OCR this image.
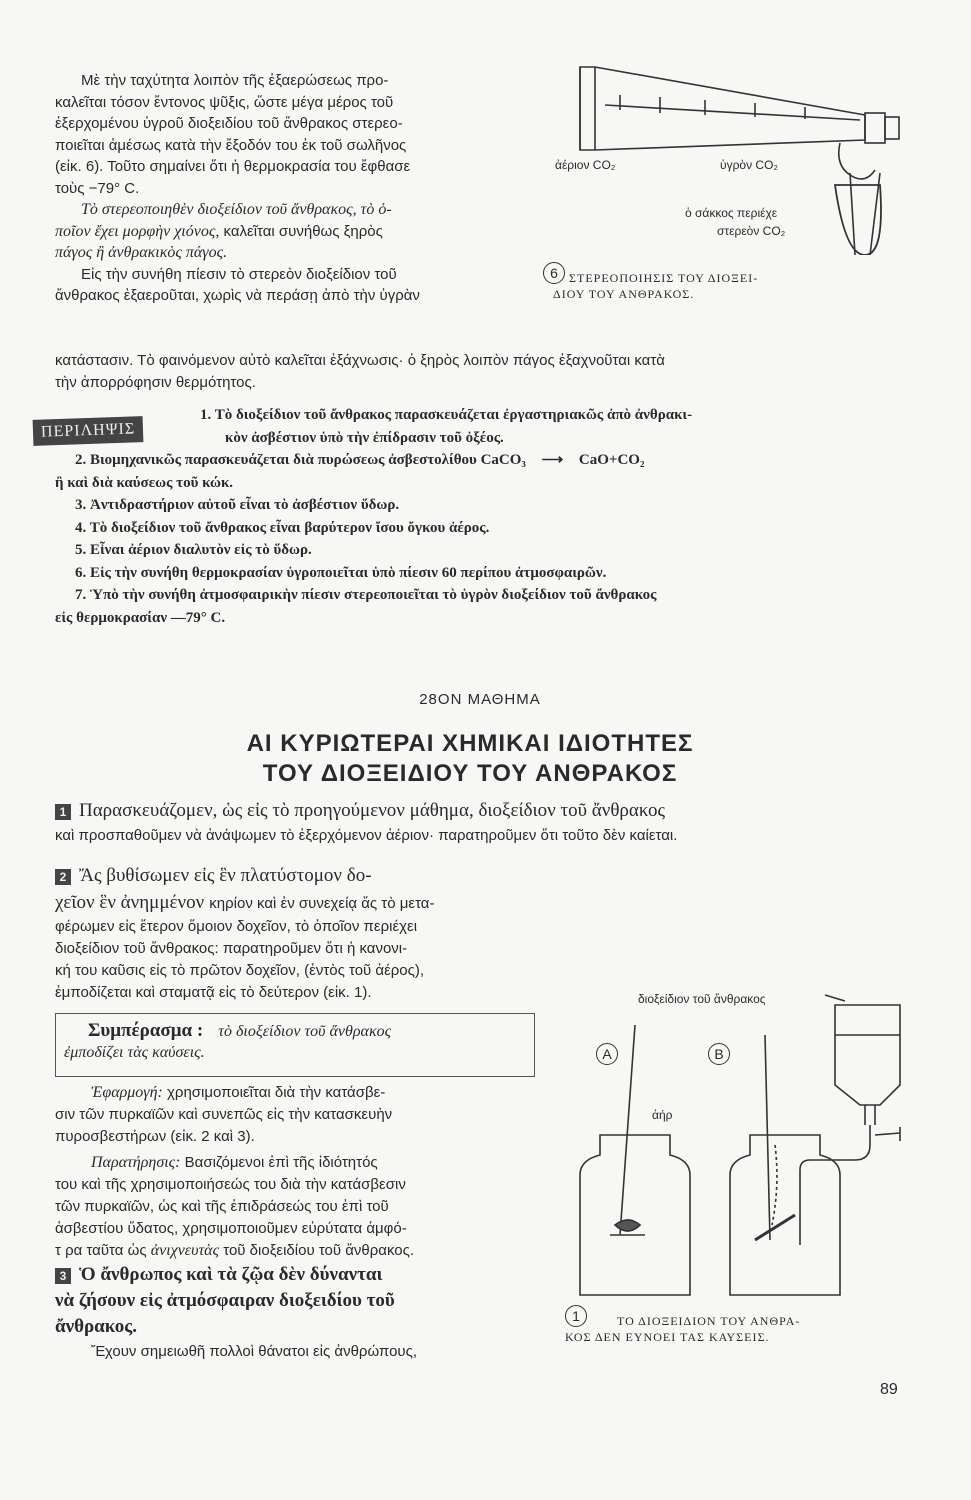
Μὲ τὴν ταχύτητα λοιπὸν τῆς ἐξαερώσεως προ-
καλεῖται τόσον ἔντονος ψῦξις, ὥστε μέγα μέρος τοῦ
ἐξερχομένου ὑγροῦ διοξειδίου τοῦ ἄνθρακος στερεο-
ποιεῖται ἀμέσως κατὰ τὴν ἔξοδόν του ἐκ τοῦ σωλῆνος
(εἰκ. 6). Τοῦτο σημαίνει ὅτι ἡ θερμοκρασία του ἔφθασε
τοὺς −79° C.
Τὸ στερεοποιηθὲν διοξείδιον τοῦ ἄνθρακος, τὸ ὁ-
ποῖον ἔχει μορφὴν χιόνος, καλεῖται συνήθως ξηρὸς
πάγος ἢ ἀνθρακικὸς πάγος.
Εἰς τὴν συνήθη πίεσιν τὸ στερεὸν διοξείδιον τοῦ
ἄνθρακος ἐξαεροῦται, χωρὶς νὰ περάσῃ ἀπὸ τὴν ὑγρὰν
κατάστασιν. Τὸ φαινόμενον αὐτὸ καλεῖται ἐξάχνωσις· ὁ ξηρὸς λοιπὸν πάγος ἐξαχνοῦται κατὰ
τὴν ἀπορρόφησιν θερμότητος.
ἀέριον CO₂	ὑγρὸν CO₂
ὁ σάκκος περιέχε
στερεὸν CO₂
6 ΣΤΕΡΕΟΠΟΙΗΣΙΣ ΤΟΥ ΔΙΟΞΕΙ-
ΔΙΟΥ ΤΟΥ ΑΝΘΡΑΚΟΣ.
ΠΕΡΙΛΗΨΙΣ
1. Τὸ διοξείδιον τοῦ ἄνθρακος παρασκευάζεται ἐργαστηριακῶς ἀπὸ ἀνθρακι-
κὸν ἀσβέστιον ὑπὸ τὴν ἐπίδρασιν τοῦ ὀξέος.
2. Βιομηχανικῶς παρασκευάζεται διὰ πυρώσεως ἀσβεστολίθου CaCO₃ ⟶ CaO+CO₂
ἢ καὶ διὰ καύσεως τοῦ κώκ.
3. Ἀντιδραστήριον αὐτοῦ εἶναι τὸ ἀσβέστιον ὕδωρ.
4. Τὸ διοξείδιον τοῦ ἄνθρακος εἶναι βαρύτερον ἴσου ὄγκου ἀέρος.
5. Εἶναι ἀέριον διαλυτὸν εἰς τὸ ὕδωρ.
6. Εἰς τὴν συνήθη θερμοκρασίαν ὑγροποιεῖται ὑπὸ πίεσιν 60 περίπου ἀτμοσφαιρῶν.
7. Ὑπὸ τὴν συνήθη ἀτμοσφαιρικὴν πίεσιν στερεοποιεῖται τὸ ὑγρὸν διοξείδιον τοῦ ἄνθρακος
εἰς θερμοκρασίαν —79° C.
28ΟΝ ΜΑΘΗΜΑ
ΑΙ ΚΥΡΙΩΤΕΡΑΙ ΧΗΜΙΚΑΙ ΙΔΙΟΤΗΤΕΣ
ΤΟΥ ΔΙΟΞΕΙΔΙΟΥ ΤΟΥ ΑΝΘΡΑΚΟΣ
1 Παρασκευάζομεν, ὡς εἰς τὸ προηγούμενον μάθημα, διοξείδιον τοῦ ἄνθρακος
καὶ προσπαθοῦμεν νὰ ἀνάψωμεν τὸ ἐξερχόμενον ἀέριον· παρατηροῦμεν ὅτι τοῦτο δὲν καίεται.
2 Ἄς βυθίσωμεν εἰς ἓν πλατύστομον δο-
χεῖον ἓν ἀνημμένον κηρίον καὶ ἐν συνεχείᾳ ἄς τὸ μετα-
φέρωμεν εἰς ἕτερον ὅμοιον δοχεῖον, τὸ ὁποῖον περιέχει
διοξείδιον τοῦ ἄνθρακος: παρατηροῦμεν ὅτι ἡ κανονι-
κή του καῦσις εἰς τὸ πρῶτον δοχεῖον, (ἐντὸς τοῦ ἀέρος),
ἐμποδίζεται καὶ σταματᾷ εἰς τὸ δεύτερον (εἰκ. 1).
Συμπέρασμα : τὸ διοξείδιον τοῦ ἄνθρακος
ἐμποδίζει τὰς καύσεις.
Ἐφαρμογή: χρησιμοποιεῖται διὰ τὴν κατάσβε-
σιν τῶν πυρκαϊῶν καὶ συνεπῶς εἰς τὴν κατασκευὴν
πυροσβεστήρων (εἰκ. 2 καὶ 3).
Παρατήρησις: Βασιζόμενοι ἐπὶ τῆς ἰδιότητός
του καὶ τῆς χρησιμοποιήσεώς του διὰ τὴν κατάσβεσιν
τῶν πυρκαϊῶν, ὡς καὶ τῆς ἐπιδράσεώς του ἐπὶ τοῦ
ἀσβεστίου ὕδατος, χρησιμοποιοῦμεν εὐρύτατα ἀμφό-
τ ρα ταῦτα ὡς ἀνιχνευτὰς τοῦ διοξειδίου τοῦ ἄνθρακος.
3 Ὁ ἄνθρωπος καὶ τὰ ζῷα δὲν δύνανται
νὰ ζήσουν εἰς ἀτμόσφαιραν διοξειδίου τοῦ
ἄνθρακος.
Ἔχουν σημειωθῆ πολλοὶ θάνατοι εἰς ἀνθρώπους,
διοξείδιον τοῦ ἄνθρακος
ἀήρ
A	B
1	ΤΟ ΔΙΟΞΕΙΔΙΟΝ ΤΟΥ ΑΝΘΡΑ-
ΚΟΣ ΔΕΝ ΕΥΝΟΕΙ ΤΑΣ ΚΑΥΣΕΙΣ.
89
